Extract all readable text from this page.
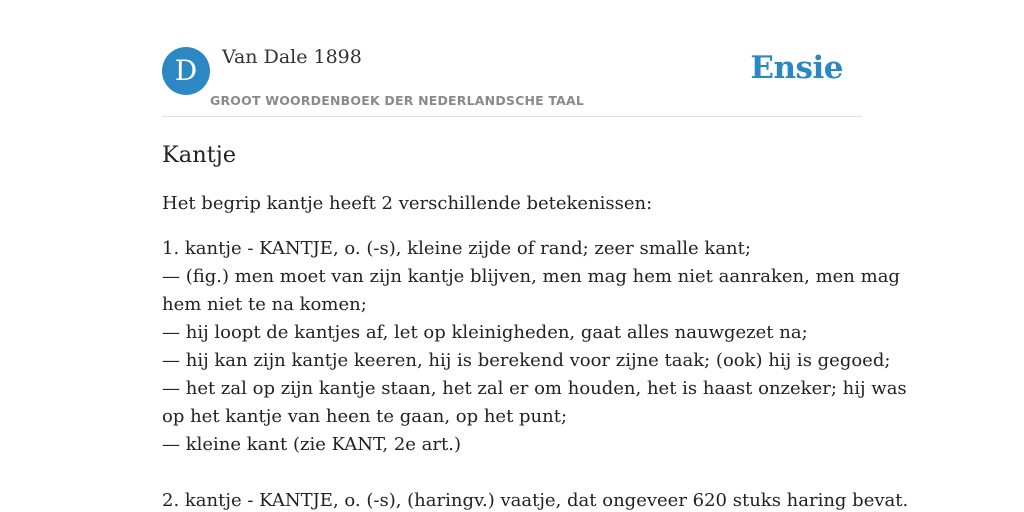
D	Van Dale 1898
GROOT WOORDENBOEK DER NEDERLANDSCHE TAAL
Ensie
Kantje

Het begrip kantje heeft 2 verschillende betekenissen:

1. kantje - KANTJE, o. (-s), kleine zijde of rand; zeer smalle kant;
— (fig.) men moet van zijn kantje blijven, men mag hem niet aanraken, men mag
hem niet te na komen;
— hij loopt de kantjes af, let op kleinigheden, gaat alles nauwgezet na;
— hij kan zijn kantje keeren, hij is berekend voor zijne taak; (ook) hij is gegoed;
— het zal op zijn kantje staan, het zal er om houden, het is haast onzeker; hij was
op het kantje van heen te gaan, op het punt;
— kleine kant (zie KANT, 2e art.)
2. kantje - KANTJE, o. (-s), (haringv.) vaatje, dat ongeveer 620 stuks haring bevat.
